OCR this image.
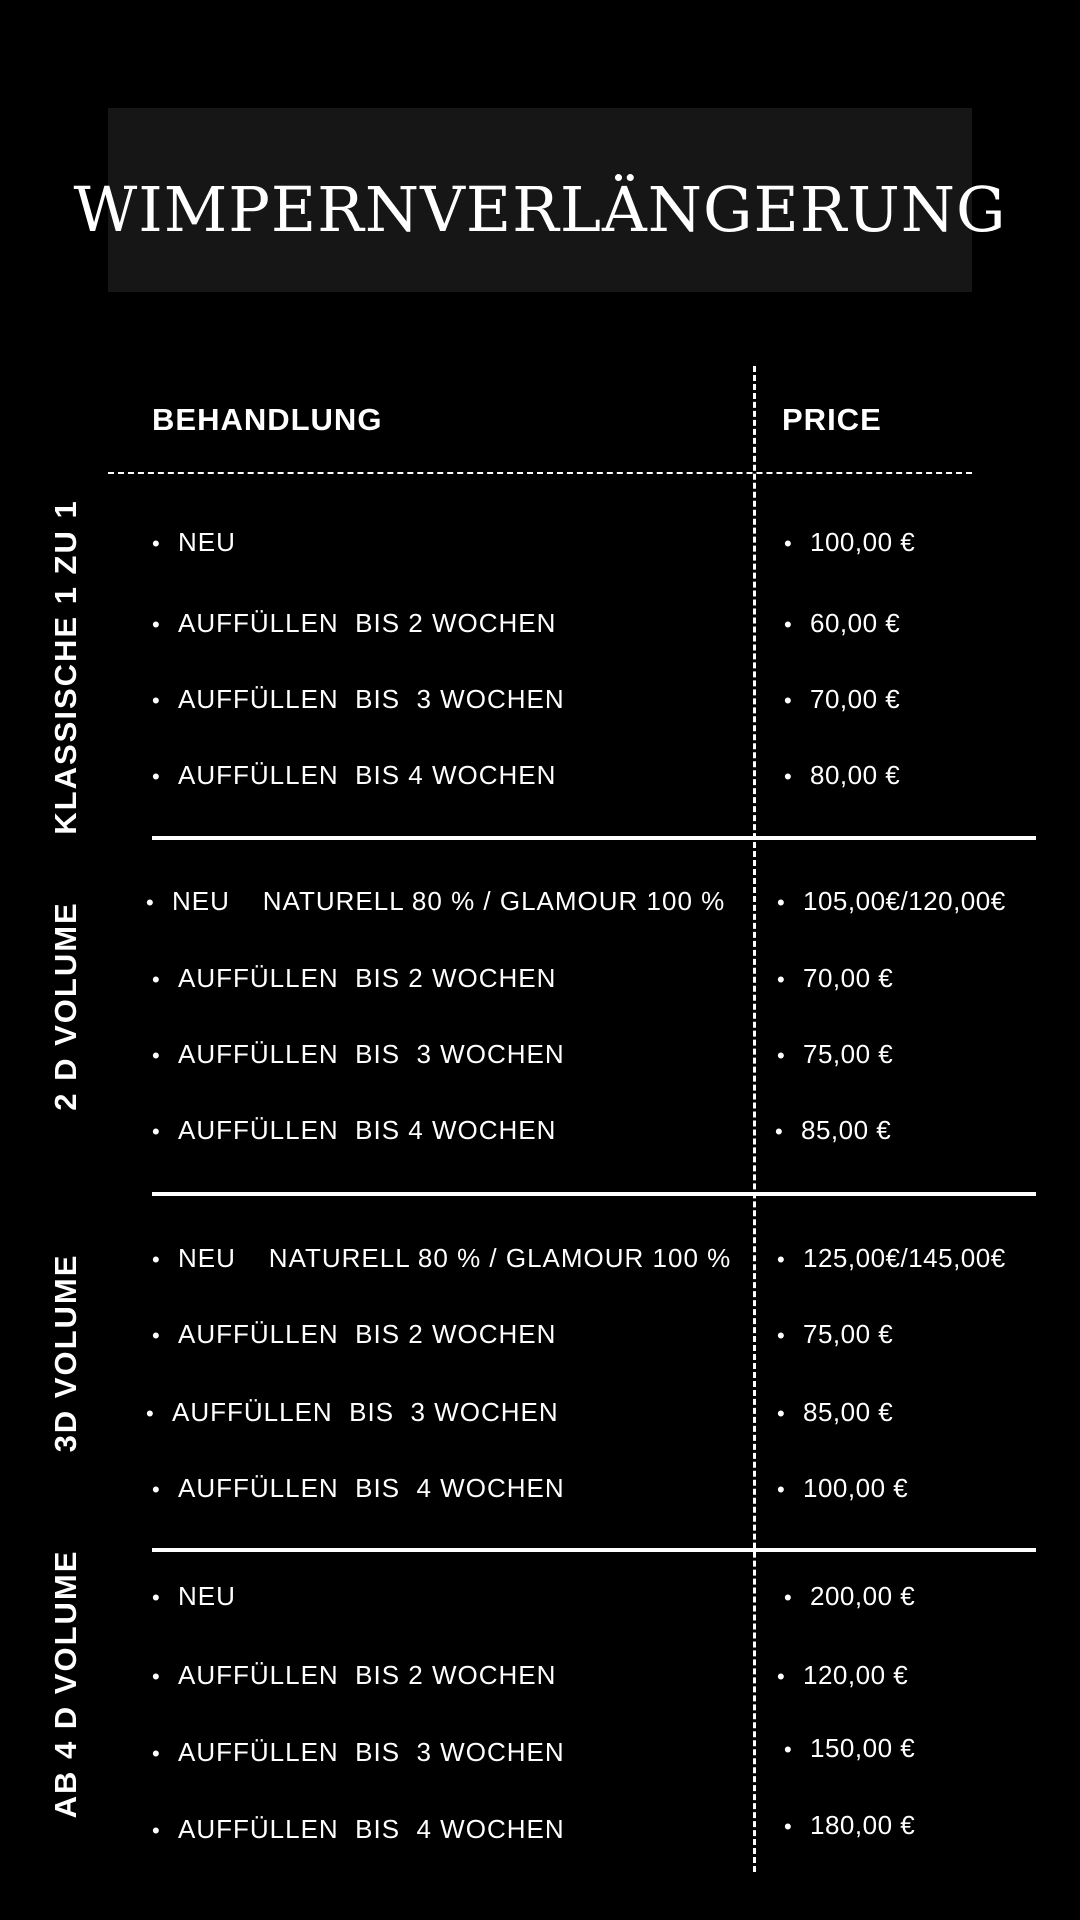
WIMPERNVERLÄNGERUNG
BEHANDLUNG	PRICE
KLASSISCHE 1 ZU 1	• NEU	• 100,00 €
• AUFFÜLLEN  BIS 2 WOCHEN	• 60,00 €
• AUFFÜLLEN  BIS  3 WOCHEN	• 70,00 €
• AUFFÜLLEN  BIS 4 WOCHEN	• 80,00 €
2 D VOLUME
• NEU    NATURELL 80 % / GLAMOUR 100 %	• 105,00€/120,00€
• AUFFÜLLEN  BIS 2 WOCHEN	• 70,00 €
• AUFFÜLLEN  BIS  3 WOCHEN	• 75,00 €
• AUFFÜLLEN  BIS 4 WOCHEN	• 85,00 €
3D VOLUME	• NEU    NATURELL 80 % / GLAMOUR 100 %	• 125,00€/145,00€
• AUFFÜLLEN  BIS 2 WOCHEN	• 75,00 €
• AUFFÜLLEN  BIS  3 WOCHEN	• 85,00 €
• AUFFÜLLEN  BIS  4 WOCHEN	• 100,00 €
AB 4 D VOLUME	• NEU	• 200,00 €
• AUFFÜLLEN  BIS 2 WOCHEN	• 120,00 €
• AUFFÜLLEN  BIS  3 WOCHEN	• 150,00 €
• AUFFÜLLEN  BIS  4 WOCHEN	• 180,00 €
